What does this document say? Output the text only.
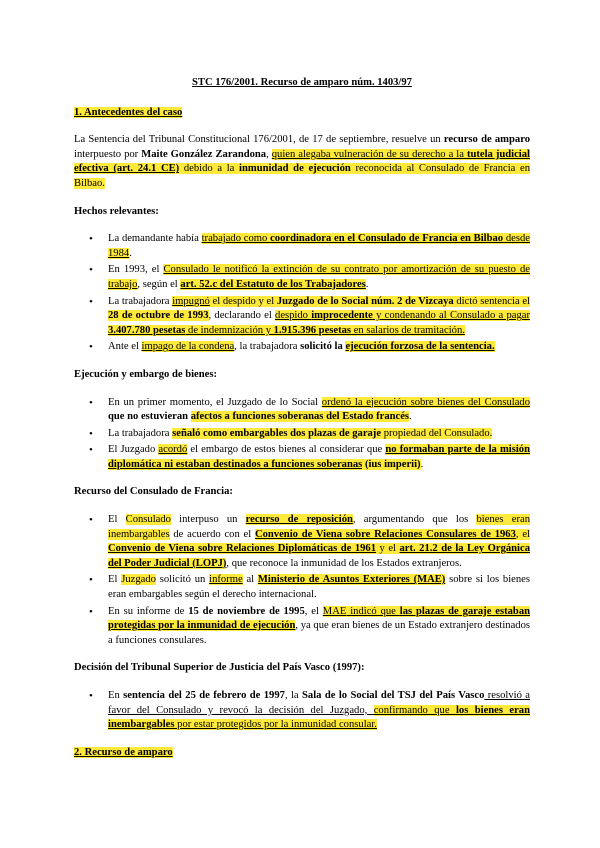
STC 176/2001. Recurso de amparo núm. 1403/97
1. Antecedentes del caso

La Sentencia del Tribunal Constitucional 176/2001, de 17 de septiembre, resuelve un recurso de amparo interpuesto por Maite González Zarandona, quien alegaba vulneración de su derecho a la tutela judicial efectiva (art. 24.1 CE) debido a la inmunidad de ejecución reconocida al Consulado de Francia en Bilbao.

Hechos relevantes:
• La demandante había trabajado como coordinadora en el Consulado de Francia en Bilbao desde 1984.
• En 1993, el Consulado le notificó la extinción de su contrato por amortización de su puesto de trabajo, según el art. 52.c del Estatuto de los Trabajadores.
• La trabajadora impugnó el despido y el Juzgado de lo Social núm. 2 de Vizcaya dictó sentencia el 28 de octubre de 1993, declarando el despido improcedente y condenando al Consulado a pagar 3.407.780 pesetas de indemnización y 1.915.396 pesetas en salarios de tramitación.
• Ante el impago de la condena, la trabajadora solicitó la ejecución forzosa de la sentencia.
Ejecución y embargo de bienes:
• En un primer momento, el Juzgado de lo Social ordenó la ejecución sobre bienes del Consulado que no estuvieran afectos a funciones soberanas del Estado francés.
• La trabajadora señaló como embargables dos plazas de garaje propiedad del Consulado.
• El Juzgado acordó el embargo de estos bienes al considerar que no formaban parte de la misión diplomática ni estaban destinados a funciones soberanas (ius imperii).
Recurso del Consulado de Francia:
• El Consulado interpuso un recurso de reposición, argumentando que los bienes eran inembargables de acuerdo con el Convenio de Viena sobre Relaciones Consulares de 1963, el Convenio de Viena sobre Relaciones Diplomáticas de 1961 y el art. 21.2 de la Ley Orgánica del Poder Judicial (LOPJ), que reconoce la inmunidad de los Estados extranjeros.
• El Juzgado solicitó un informe al Ministerio de Asuntos Exteriores (MAE) sobre si los bienes eran embargables según el derecho internacional.
• En su informe de 15 de noviembre de 1995, el MAE indicó que las plazas de garaje estaban protegidas por la inmunidad de ejecución, ya que eran bienes de un Estado extranjero destinados a funciones consulares.
Decisión del Tribunal Superior de Justicia del País Vasco (1997):
• En sentencia del 25 de febrero de 1997, la Sala de lo Social del TSJ del País Vasco resolvió a favor del Consulado y revocó la decisión del Juzgado, confirmando que los bienes eran inembargables por estar protegidos por la inmunidad consular.
2. Recurso de amparo
